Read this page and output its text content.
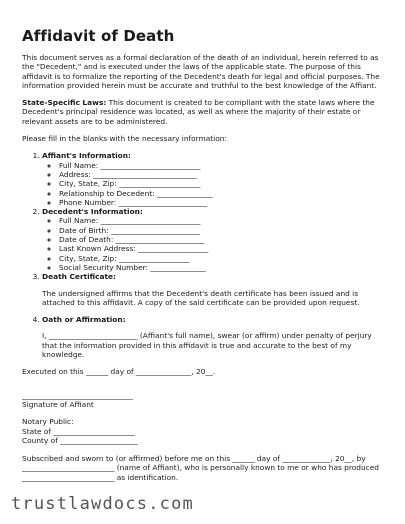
Affidavit of Death

This document serves as a formal declaration of the death of an individual, herein referred to as the "Decedent," and is executed under the laws of the applicable state. The purpose of this affidavit is to formalize the reporting of the Decedent's death for legal and official purposes. The information provided herein must be accurate and truthful to the best knowledge of the Affiant.

State-Specific Laws: This document is created to be compliant with the state laws where the Decedent's principal residence was located, as well as where the majority of their estate or relevant assets are to be administered.

Please fill in the blanks with the necessary information:

1. Affiant's Information:
◦ Full Name: ___________________________
◦ Address: ____________________________
◦ City, State, Zip: ______________________
◦ Relationship to Decedent: _______________
◦ Phone Number: ________________________
2. Decedent's Information:
◦ Full Name: ___________________________
◦ Date of Birth: ________________________
◦ Date of Death: ________________________
◦ Last Known Address: ___________________
◦ City, State, Zip: ___________________
◦ Social Security Number: _______________
3. Death Certificate:

The undersigned affirms that the Decedent's death certificate has been issued and is attached to this affidavit. A copy of the said certificate can be provided upon request.

4. Oath or Affirmation:

I, ________________________ (Affiant's full name), swear (or affirm) under penalty of perjury that the information provided in this affidavit is true and accurate to the best of my knowledge.

Executed on this ______ day of _______________, 20__.
______________________________
Signature of Affiant
Notary Public:
State of ______________________
County of _____________________
Subscribed and sworn to (or affirmed) before me on this ______ day of _____________, 20__, by _________________________ (name of Affiant), who is personally known to me or who has produced _________________________ as identification.
trustlawdocs.com
